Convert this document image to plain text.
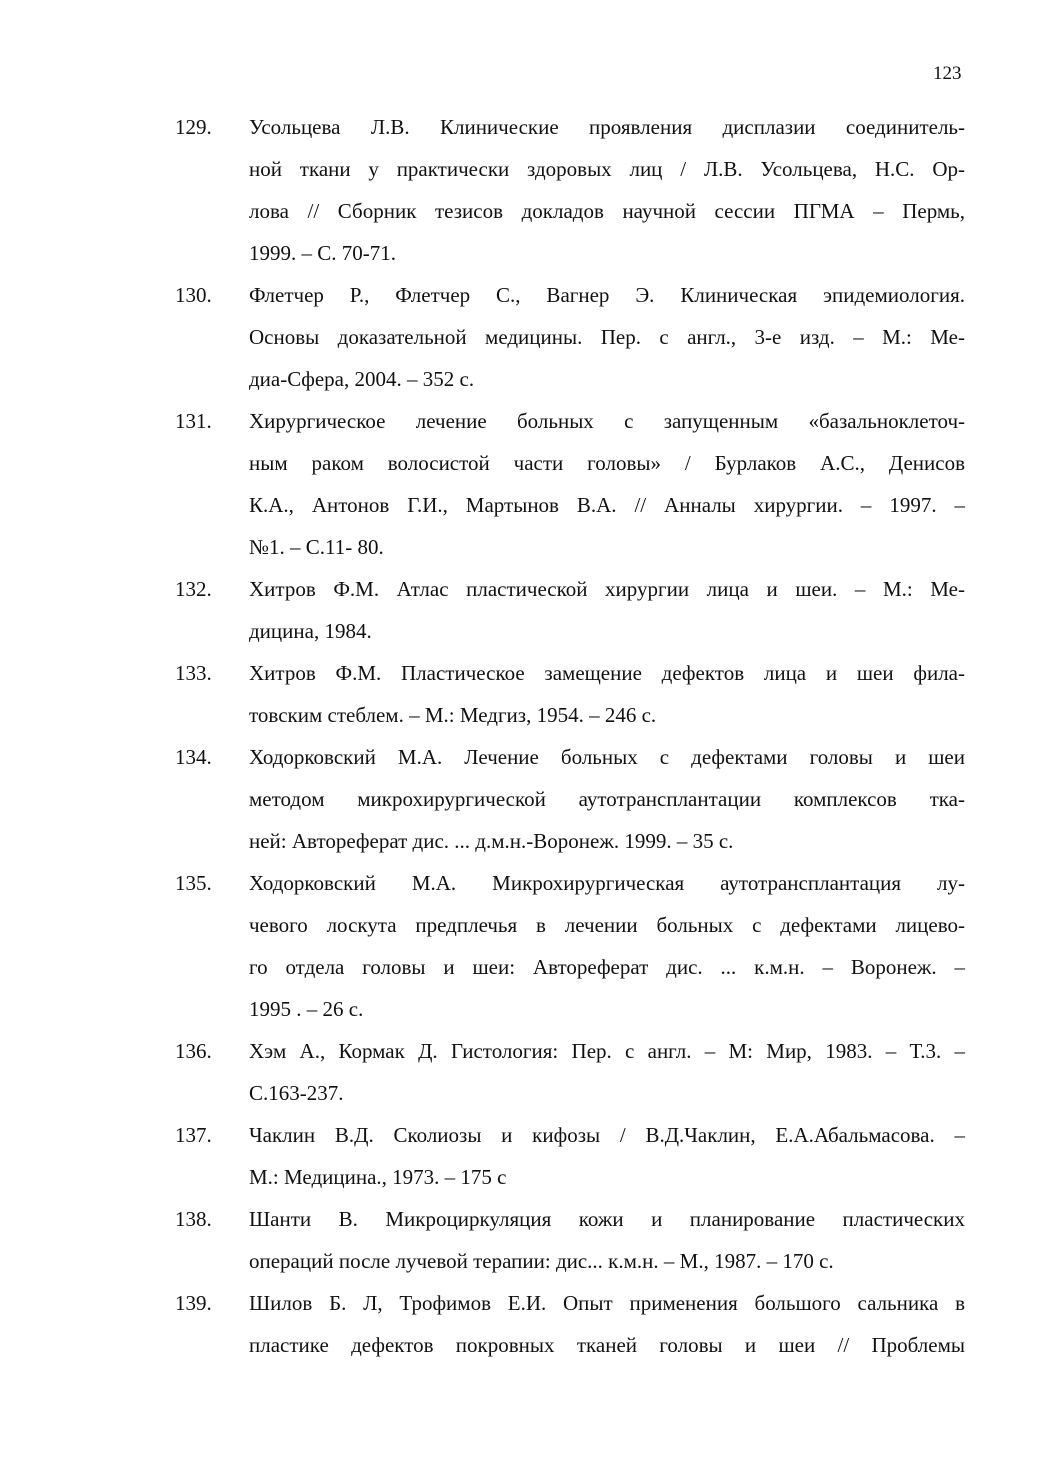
123
129. Усольцева Л.В. Клинические проявления дисплазии соединитель-
ной ткани у практически здоровых лиц / Л.В. Усольцева, Н.С. Ор-
лова // Сборник тезисов докладов научной сессии ПГМА – Пермь,
1999. – С. 70-71.
130. Флетчер Р., Флетчер С., Вагнер Э. Клиническая эпидемиология.
Основы доказательной медицины. Пер. с англ., 3-е изд. – М.: Ме-
диа-Сфера, 2004. – 352 с.
131. Хирургическое лечение больных с запущенным «базальноклеточ-
ным раком волосистой части головы» / Бурлаков А.С., Денисов
К.А., Антонов Г.И., Мартынов В.А. // Анналы хирургии. – 1997. –
№1. – С.11- 80.
132. Хитров Ф.М. Атлас пластической хирургии лица и шеи. – М.: Ме-
дицина, 1984.
133. Хитров Ф.М. Пластическое замещение дефектов лица и шеи фила-
товским стеблем. – М.: Медгиз, 1954. – 246 с.
134. Ходорковский М.А. Лечение больных с дефектами головы и шеи
методом микрохирургической аутотрансплантации комплексов тка-
ней: Автореферат дис. ... д.м.н.-Воронеж. 1999. – 35 с.
135. Ходорковский М.А. Микрохирургическая аутотрансплантация лу-
чевого лоскута предплечья в лечении больных с дефектами лицево-
го отдела головы и шеи: Автореферат дис. ... к.м.н. – Воронеж. –
1995 . – 26 с.
136. Хэм А., Кормак Д. Гистология: Пер. с англ. – М: Мир, 1983. – Т.3. –
С.163-237.
137. Чаклин В.Д. Сколиозы и кифозы / В.Д.Чаклин, Е.А.Абальмасова. –
М.: Медицина., 1973. – 175 с
138. Шанти В. Микроциркуляция кожи и планирование пластических
операций после лучевой терапии: дис... к.м.н. – М., 1987. – 170 с.
139. Шилов Б. Л, Трофимов Е.И. Опыт применения большого сальника в
пластике дефектов покровных тканей головы и шеи // Проблемы
